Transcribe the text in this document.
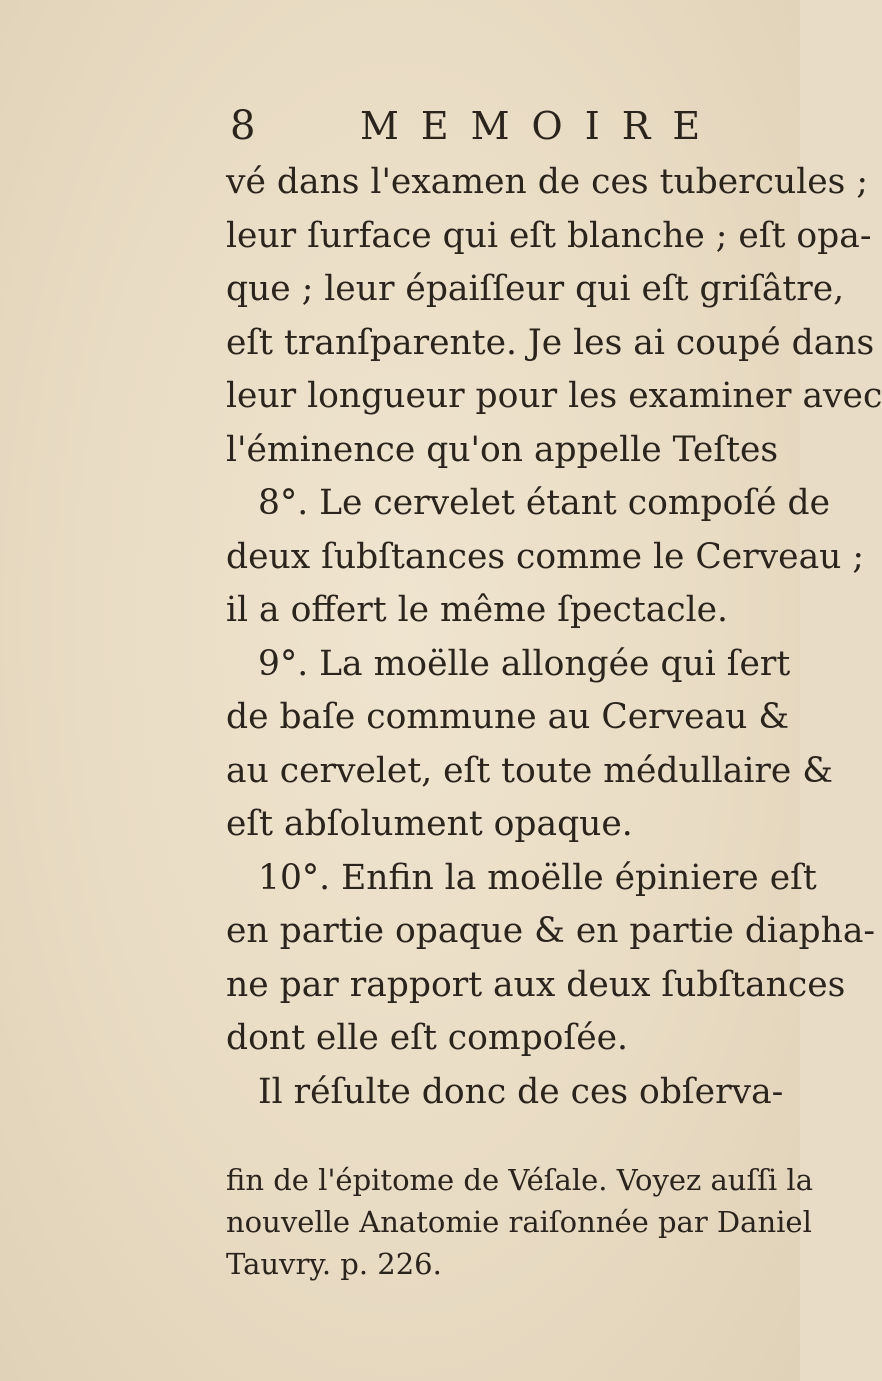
8	MEMOIRE
vé dans l'examen de ces tubercules ;
leur ſurface qui eſt blanche ; eſt opa-
que ; leur épaiſſeur qui eſt griſâtre,
eſt tranſparente. Je les ai coupé dans
leur longueur pour les examiner avec
l'éminence qu'on appelle Teſtes
8°. Le cervelet étant compoſé de
deux ſubſtances comme le Cerveau ;
il a offert le même ſpectacle.
9°. La moëlle allongée qui ſert
de baſe commune au Cerveau &
au cervelet, eſt toute médullaire &
eſt abſolument opaque.
10°. Enfin la moëlle épiniere eſt
en partie opaque & en partie diapha-
ne par rapport aux deux ſubſtances
dont elle eſt compoſée.
Il réſulte donc de ces obſerva-
fin de l'épitome de Véſale. Voyez auſſi la
nouvelle Anatomie raiſonnée par Daniel
Tauvry. p. 226.
